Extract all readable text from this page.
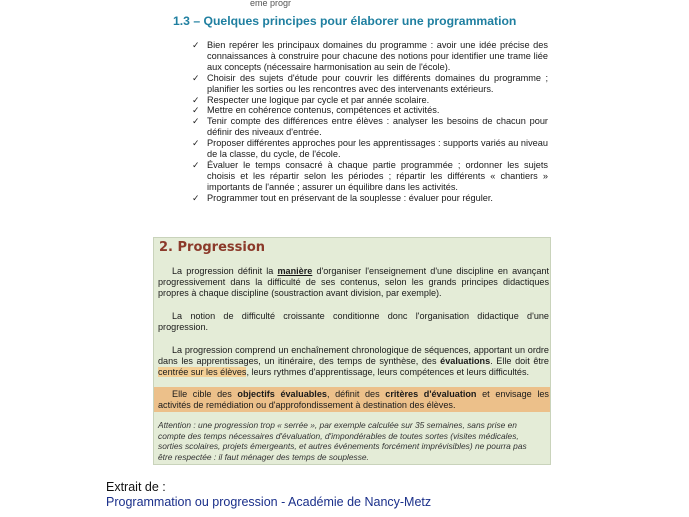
eme progr
1.3 – Quelques principes pour élaborer une programmation
✓ Bien repérer les principaux domaines du programme : avoir une idée précise des connaissances à construire pour chacune des notions pour identifier une trame liée aux concepts (nécessaire harmonisation au sein de l'école).
✓ Choisir des sujets d'étude pour couvrir les différents domaines du programme ; planifier les sorties ou les rencontres avec des intervenants extérieurs.
✓ Respecter une logique par cycle et par année scolaire.
✓ Mettre en cohérence contenus, compétences et activités.
✓ Tenir compte des différences entre élèves : analyser les besoins de chacun pour définir des niveaux d'entrée.
✓ Proposer différentes approches pour les apprentissages : supports variés au niveau de la classe, du cycle, de l'école.
✓ Évaluer le temps consacré à chaque partie programmée ; ordonner les sujets choisis et les répartir selon les périodes ; répartir les différents « chantiers » importants de l'année ; assurer un équilibre dans les activités.
✓ Programmer tout en préservant de la souplesse : évaluer pour réguler.
2. Progression

La progression définit la manière d'organiser l'enseignement d'une discipline en avançant progressivement dans la difficulté de ses contenus, selon les grands principes didactiques propres à chaque discipline (soustraction avant division, par exemple).

La notion de difficulté croissante conditionne donc l'organisation didactique d'une progression.

La progression comprend un enchaînement chronologique de séquences, apportant un ordre dans les apprentissages, un itinéraire, des temps de synthèse, des évaluations. Elle doit être centrée sur les élèves, leurs rythmes d'apprentissage, leurs compétences et leurs difficultés.

Elle cible des objectifs évaluables, définit des critères d'évaluation et envisage les activités de remédiation ou d'approfondissement à destination des élèves.

Attention : une progression trop « serrée », par exemple calculée sur 35 semaines, sans prise en compte des temps nécessaires d'évaluation, d'impondérables de toutes sortes (visites médicales, sorties scolaires, projets émergeants, et autres événements forcément imprévisibles) ne pourra pas être respectée : il faut ménager des temps de souplesse.

Extrait de :
Programmation ou progression - Académie de Nancy-Metz
